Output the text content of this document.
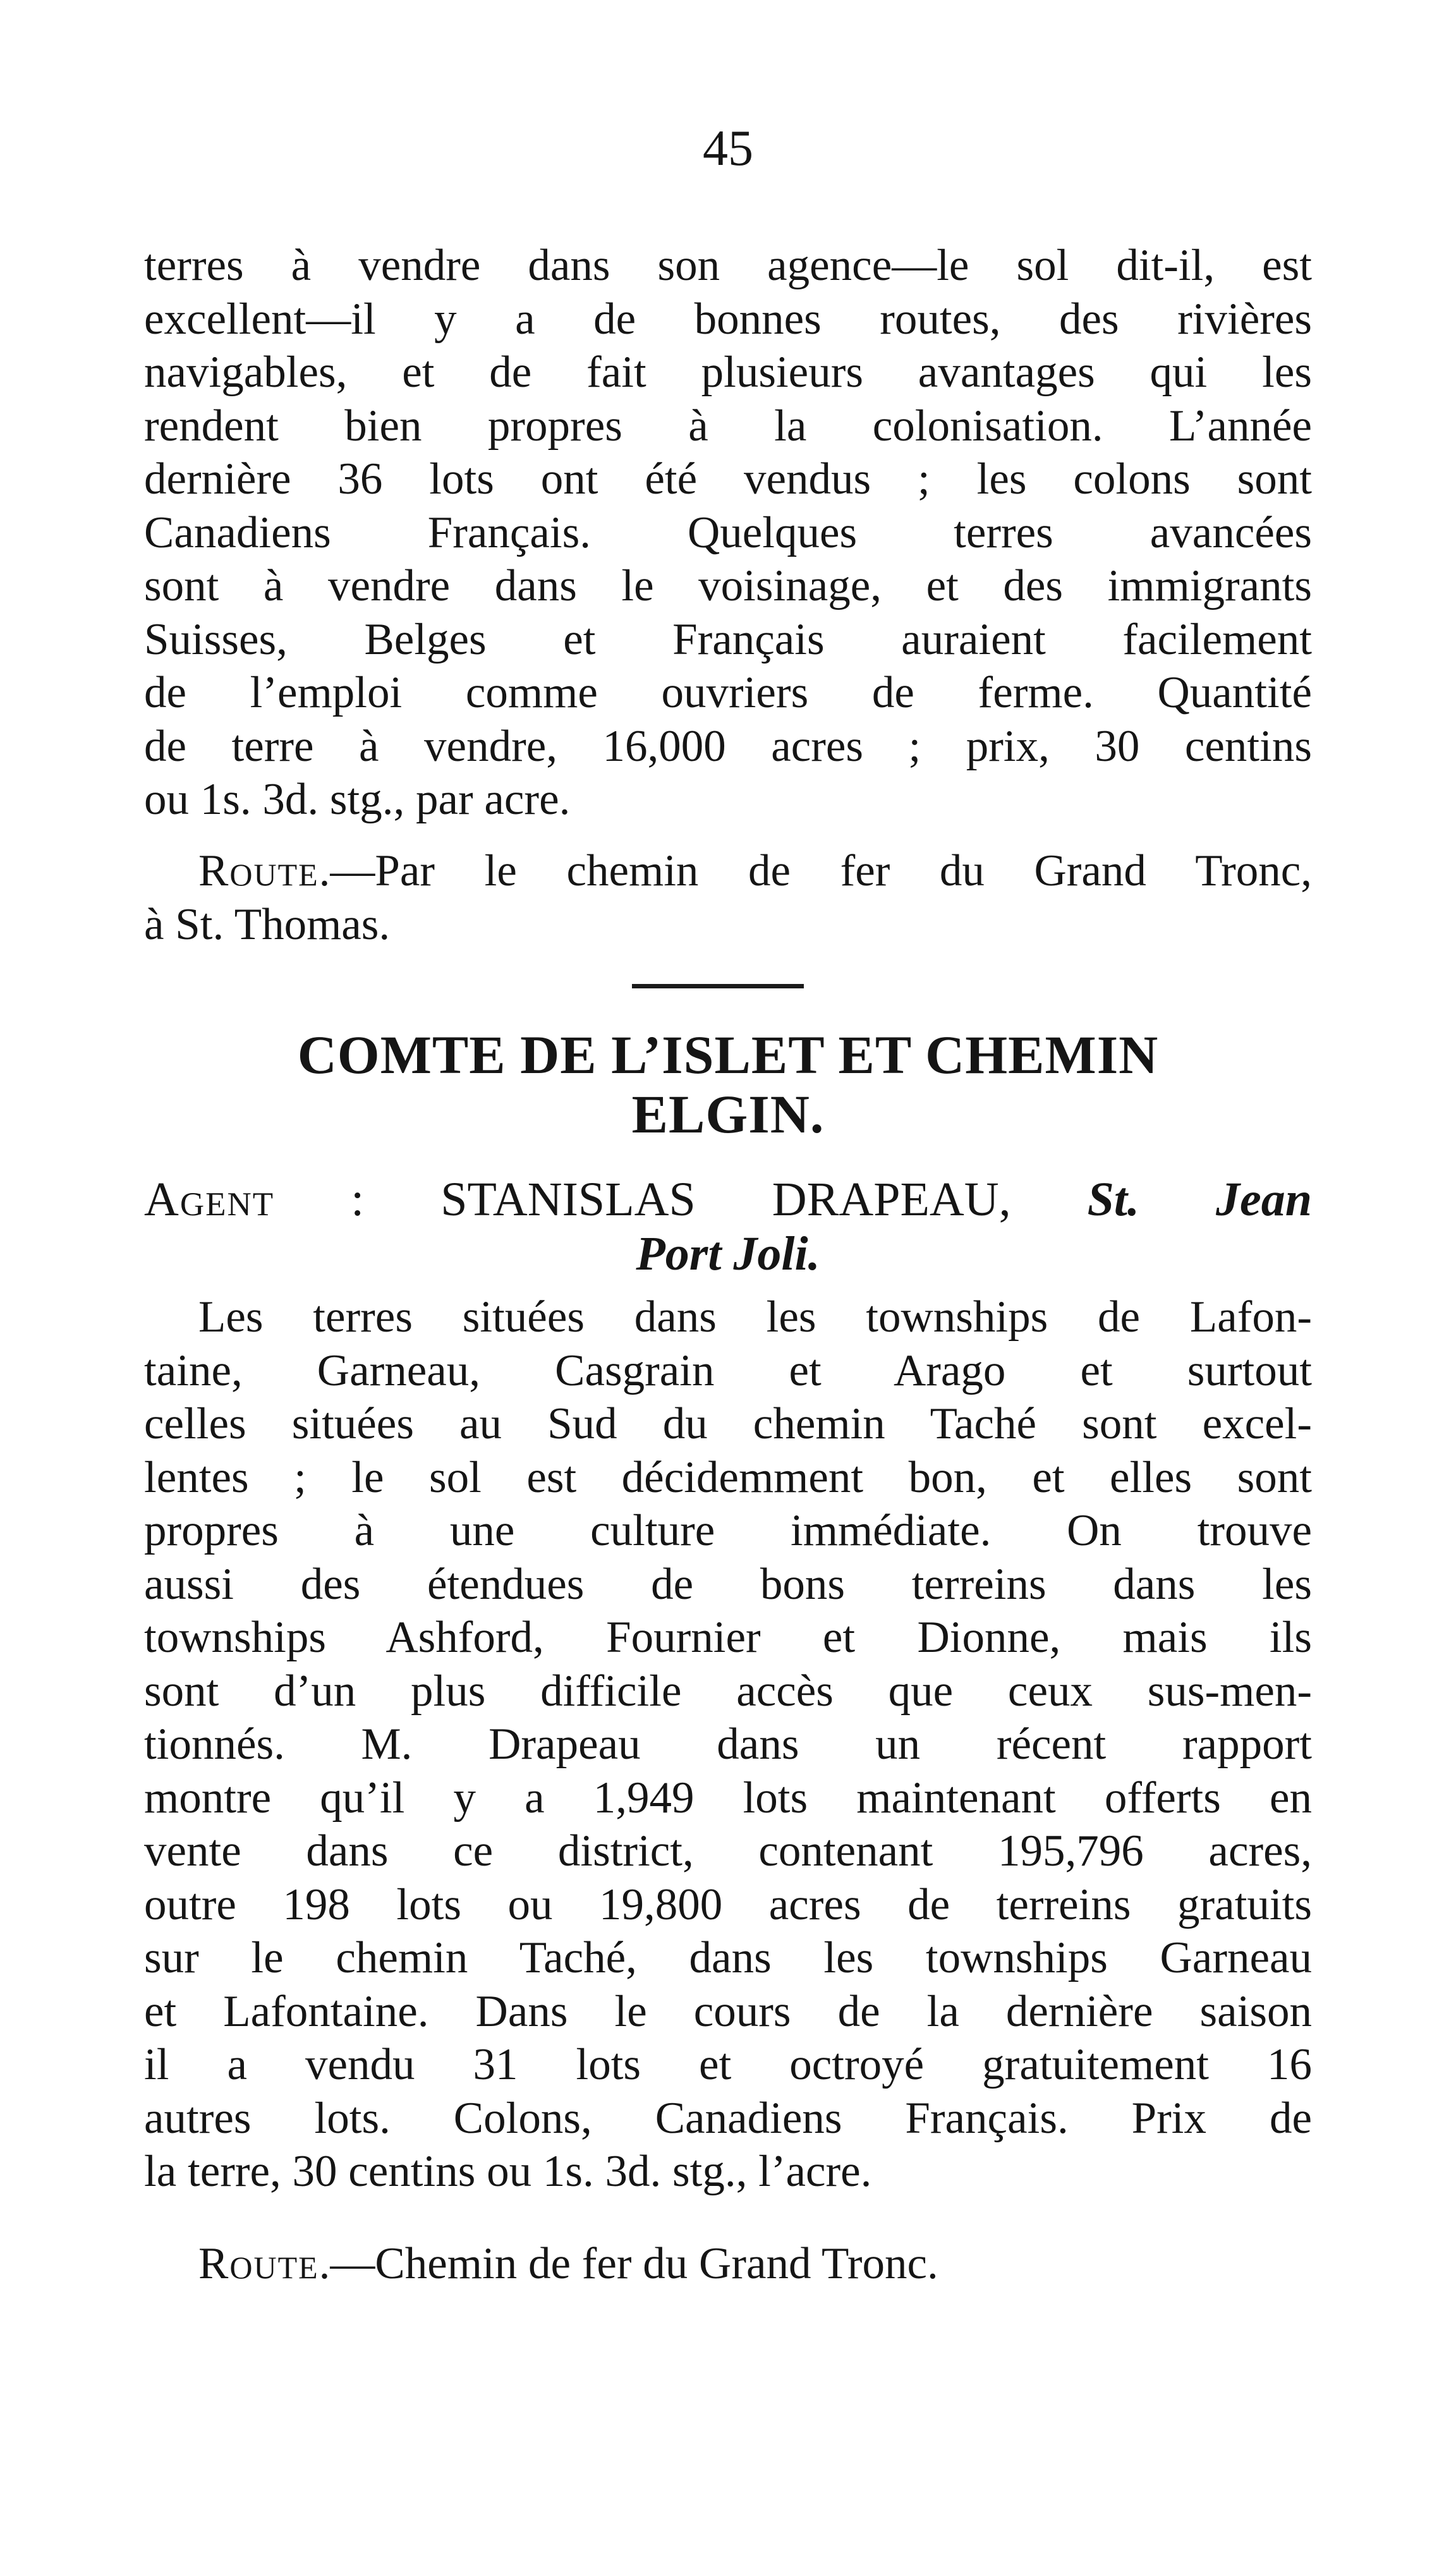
45
terres à vendre dans son agence—le sol dit-il, est
excellent—il y a de bonnes routes, des rivières
navigables, et de fait plusieurs avantages qui les
rendent bien propres à la colonisation. L’année
dernière 36 lots ont été vendus ; les colons sont
Canadiens Français. Quelques terres avancées
sont à vendre dans le voisinage, et des immigrants
Suisses, Belges et Français auraient facilement
de l’emploi comme ouvriers de ferme. Quantité
de terre à vendre, 16,000 acres ; prix, 30 centins
ou 1s. 3d. stg., par acre.
Route.—Par le chemin de fer du Grand Tronc,
à St. Thomas.
COMTE DE L’ISLET ET CHEMIN
ELGIN.
Agent : STANISLAS DRAPEAU, St. Jean
Port Joli.
Les terres situées dans les townships de Lafon-
taine, Garneau, Casgrain et Arago et surtout
celles situées au Sud du chemin Taché sont excel-
lentes ; le sol est décidemment bon, et elles sont
propres à une culture immédiate. On trouve
aussi des étendues de bons terreins dans les
townships Ashford, Fournier et Dionne, mais ils
sont d’un plus difficile accès que ceux sus-men-
tionnés. M. Drapeau dans un récent rapport
montre qu’il y a 1,949 lots maintenant offerts en
vente dans ce district, contenant 195,796 acres,
outre 198 lots ou 19,800 acres de terreins gratuits
sur le chemin Taché, dans les townships Garneau
et Lafontaine. Dans le cours de la dernière saison
il a vendu 31 lots et octroyé gratuitement 16
autres lots. Colons, Canadiens Français. Prix de
la terre, 30 centins ou 1s. 3d. stg., l’acre.
Route.—Chemin de fer du Grand Tronc.
